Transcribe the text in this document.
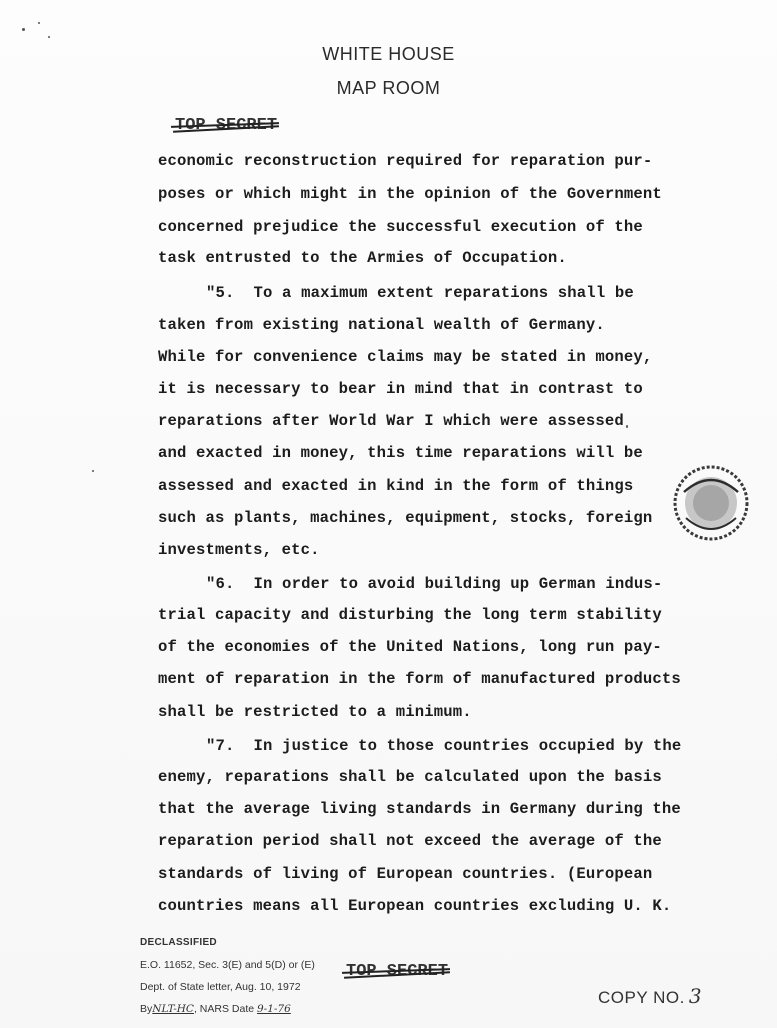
WHITE HOUSE
MAP ROOM
economic reconstruction required for reparation pur-
poses or which might in the opinion of the Government
concerned prejudice the successful execution of the
task entrusted to the Armies of Occupation.
"5.  To a maximum extent reparations shall be
taken from existing national wealth of Germany.
While for convenience claims may be stated in money,
it is necessary to bear in mind that in contrast to
reparations after World War I which were assessed
and exacted in money, this time reparations will be
assessed and exacted in kind in the form of things
such as plants, machines, equipment, stocks, foreign
investments, etc.
"6.  In order to avoid building up German indus-
trial capacity and disturbing the long term stability
of the economies of the United Nations, long run pay-
ment of reparation in the form of manufactured products
shall be restricted to a minimum.
"7.  In justice to those countries occupied by the
enemy, reparations shall be calculated upon the basis
that the average living standards in Germany during the
reparation period shall not exceed the average of the
standards of living of European countries. (European
countries means all European countries excluding U. K.
DECLASSIFIED
E.O. 11652, Sec. 3(E) and 5(D) or (E)
Dept. of State letter, Aug. 10, 1972
ByNLT-HC, NARS Date 9-1-76
COPY NO. 3
